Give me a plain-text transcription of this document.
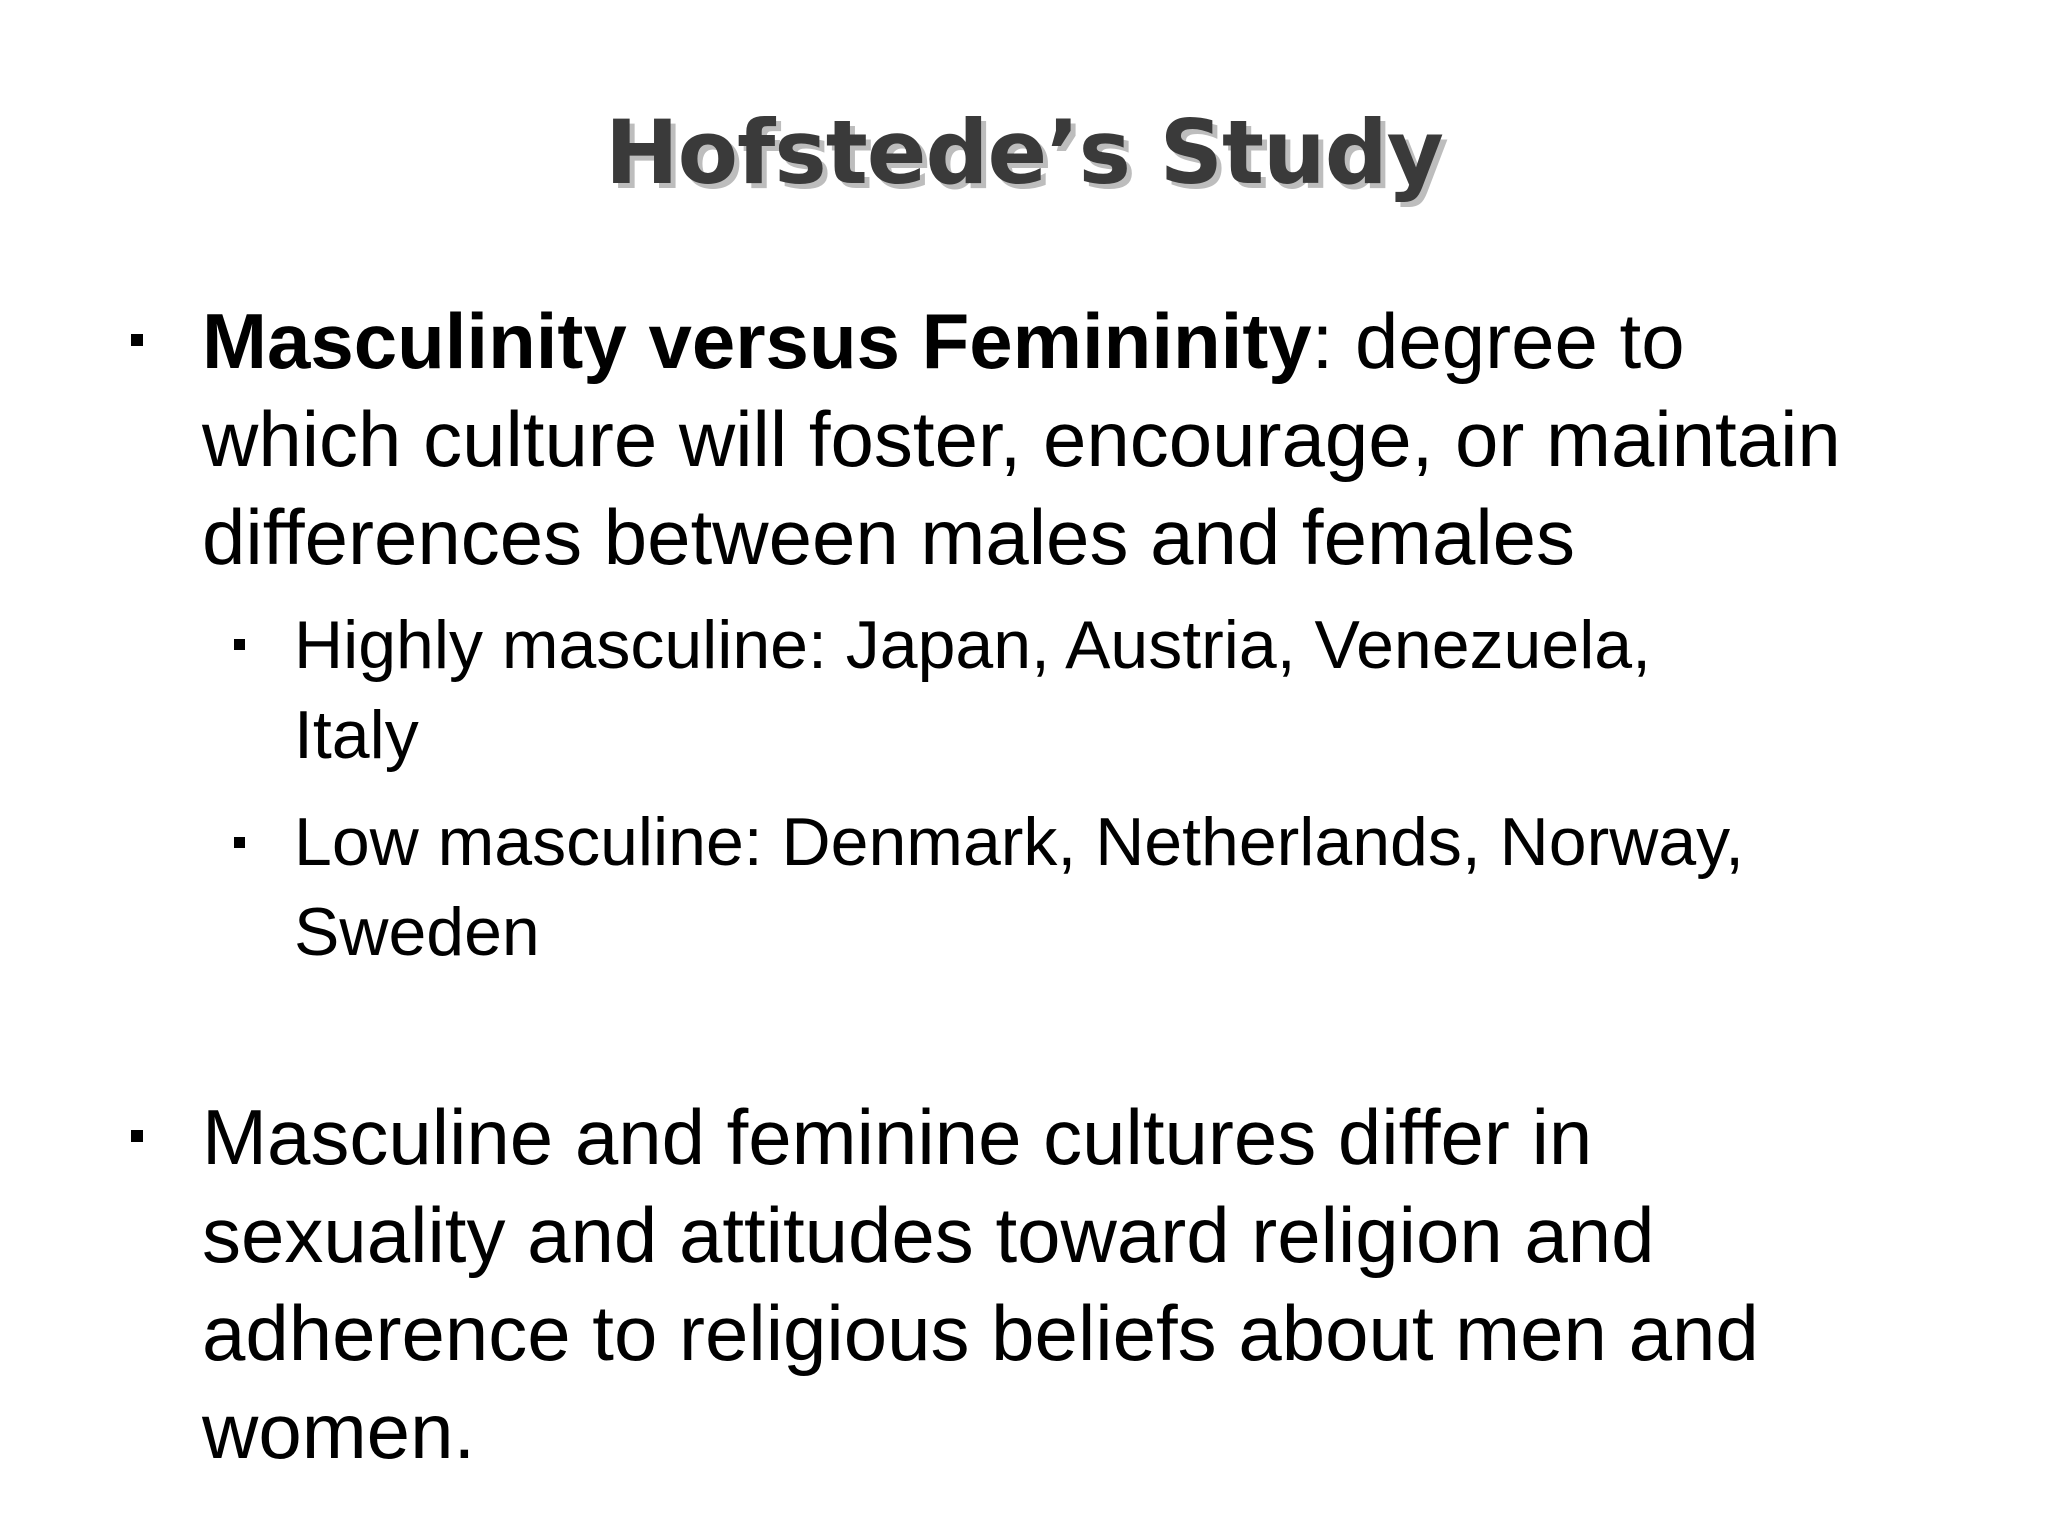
Hofstede’s Study
Masculinity versus Femininity: degree to
which culture will foster, encourage, or maintain
differences between males and females
Highly masculine: Japan, Austria, Venezuela,
Italy
Low masculine: Denmark, Netherlands, Norway,
Sweden
Masculine and feminine cultures differ in
sexuality and attitudes toward religion and
adherence to religious beliefs about men and
women.
